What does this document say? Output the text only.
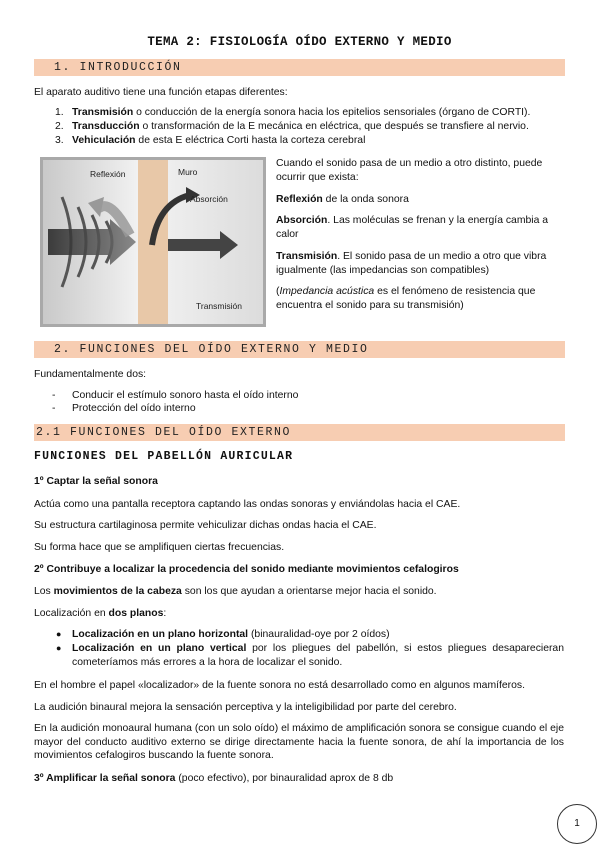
TEMA 2: FISIOLOGÍA OÍDO EXTERNO Y MEDIO
1. INTRODUCCIÓN

El aparato auditivo tiene una función etapas diferentes:

1. Transmisión o conducción de la energía sonora hacia los epitelios sensoriales (órgano de CORTI).
2. Transducción o transformación de la E mecánica en eléctrica, que después se transfiere al nervio.
3. Vehiculación de esta E eléctrica Corti hasta la corteza cerebral
Reflexión	Muro
Absorción
Transmisión

Cuando el sonido pasa de un medio a otro distinto, puede ocurrir que exista:

Reflexión de la onda sonora

Absorción. Las moléculas se frenan y la energía cambia a calor

Transmisión. El sonido pasa de un medio a otro que vibra igualmente (las impedancias son compatibles)

(Impedancia acústica es el fenómeno de resistencia que encuentra el sonido para su transmisión)

2. FUNCIONES DEL OÍDO EXTERNO Y MEDIO

Fundamentalmente dos:

- Conducir el estímulo sonoro hasta el oído interno
- Protección del oído interno
2.1 FUNCIONES DEL OÍDO EXTERNO
FUNCIONES DEL PABELLÓN AURICULAR

1º Captar la señal sonora

Actúa como una pantalla receptora captando las ondas sonoras y enviándolas hacia el CAE.

Su estructura cartilaginosa permite vehiculizar dichas ondas hacia el CAE.

Su forma hace que se amplifiquen ciertas frecuencias.

2º Contribuye a localizar la procedencia del sonido mediante movimientos cefalogiros

Los movimientos de la cabeza son los que ayudan a orientarse mejor hacia el sonido.

Localización en dos planos:

● Localización en un plano horizontal (binauralidad-oye por 2 oídos)

● Localización en un plano vertical por los pliegues del pabellón, si estos pliegues desaparecieran cometeríamos más errores a la hora de localizar el sonido.

En el hombre el papel «localizador» de la fuente sonora no está desarrollado como en algunos mamíferos.

La audición binaural mejora la sensación perceptiva y la inteligibilidad por parte del cerebro.

En la audición monoaural humana (con un solo oído) el máximo de amplificación sonora se consigue cuando el eje mayor del conducto auditivo externo se dirige directamente hacia la fuente sonora, de ahí la importancia de los movimientos cefalogiros buscando la fuente sonora.

3º Amplificar la señal sonora (poco efectivo), por binauralidad aprox de 8 db

1
